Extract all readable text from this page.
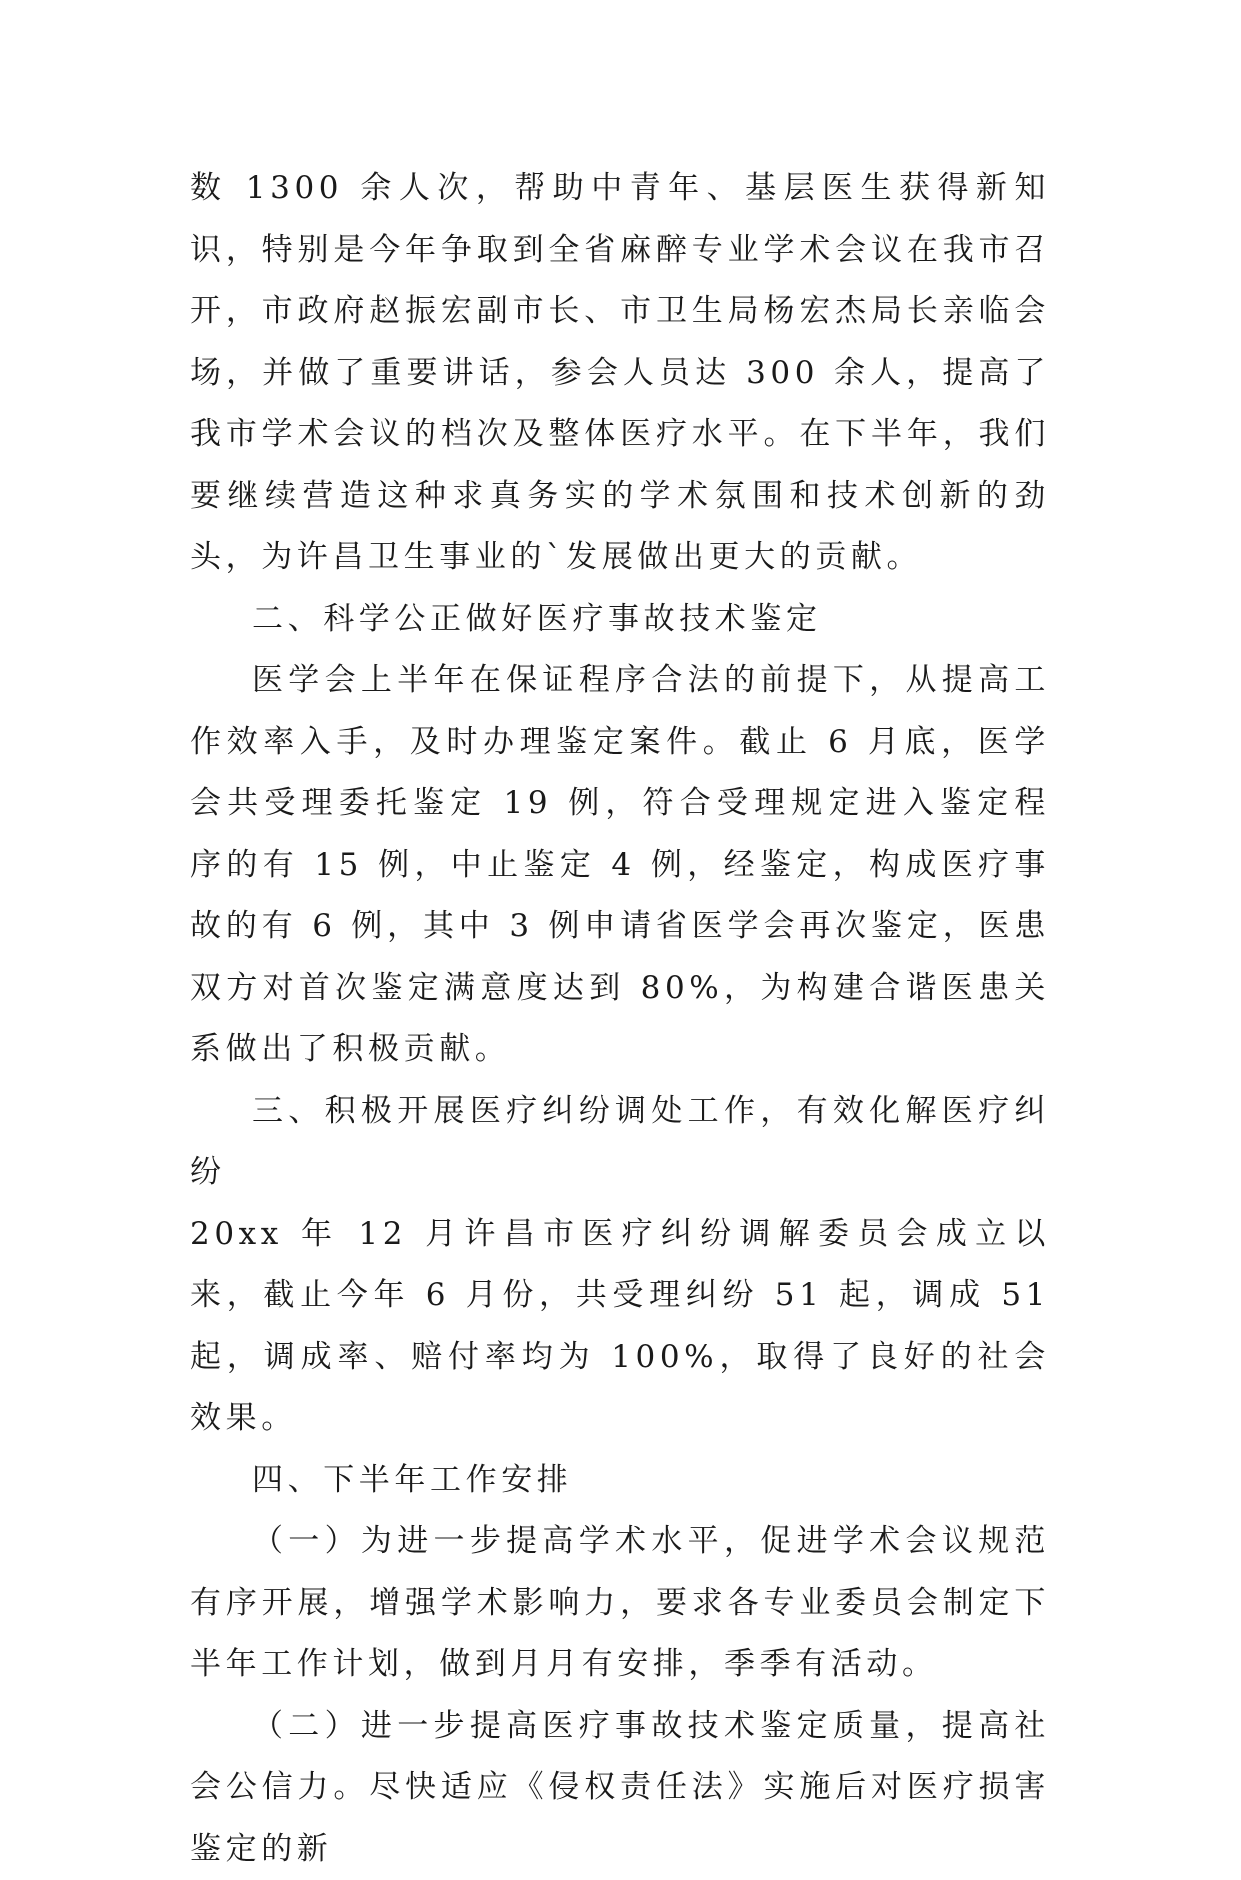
数 1300 余人次，帮助中青年、基层医生获得新知识，特别是今年争取到全省麻醉专业学术会议在我市召开，市政府赵振宏副市长、市卫生局杨宏杰局长亲临会场，并做了重要讲话，参会人员达 300 余人，提高了我市学术会议的档次及整体医疗水平。在下半年，我们要继续营造这种求真务实的学术氛围和技术创新的劲头，为许昌卫生事业的`发展做出更大的贡献。

二、科学公正做好医疗事故技术鉴定

医学会上半年在保证程序合法的前提下，从提高工作效率入手，及时办理鉴定案件。截止 6 月底，医学会共受理委托鉴定 19 例，符合受理规定进入鉴定程序的有 15 例，中止鉴定 4 例，经鉴定，构成医疗事故的有 6 例，其中 3 例申请省医学会再次鉴定，医患双方对首次鉴定满意度达到 80%，为构建合谐医患关系做出了积极贡献。

三、积极开展医疗纠纷调处工作，有效化解医疗纠纷

20xx 年 12 月许昌市医疗纠纷调解委员会成立以来，截止今年 6 月份，共受理纠纷 51 起，调成 51 起，调成率、赔付率均为 100%，取得了良好的社会效果。

四、下半年工作安排

（一）为进一步提高学术水平，促进学术会议规范有序开展，增强学术影响力，要求各专业委员会制定下半年工作计划，做到月月有安排，季季有活动。

（二）进一步提高医疗事故技术鉴定质量，提高社会公信力。尽快适应《侵权责任法》实施后对医疗损害鉴定的新
